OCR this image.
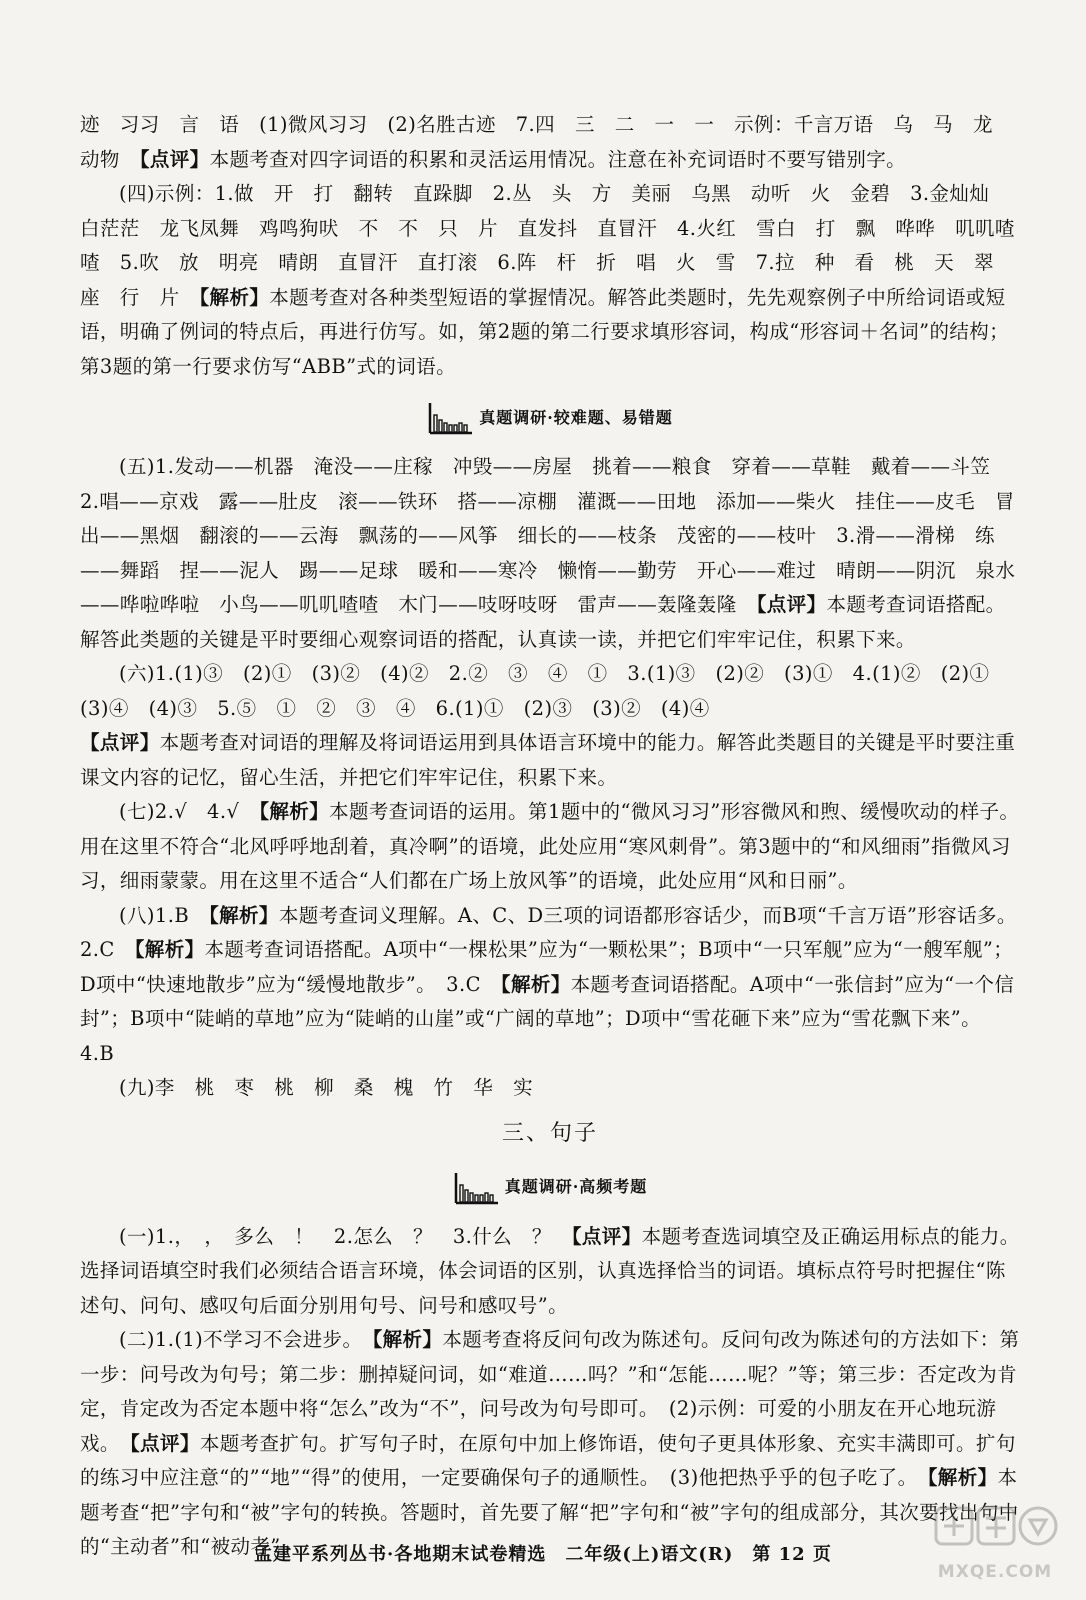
迹　习习　言　语　(1)微风习习　(2)名胜古迹　7.四　三　二　一　一　示例：千言万语　乌　马　龙　动物　【点评】本题考查对四字词语的积累和灵活运用情况。注意在补充词语时不要写错别字。

(四)示例：1.做　开　打　翻转　直跺脚　2.丛　头　方　美丽　乌黑　动听　火　金碧　3.金灿灿　白茫茫　龙飞凤舞　鸡鸣狗吠　不　不　只　片　直发抖　直冒汗　4.火红　雪白　打　飘　哗哗　叽叽喳喳　5.吹　放　明亮　晴朗　直冒汗　直打滚　6.阵　杆　折　唱　火　雪　7.拉　种　看　桃　天　翠　座　行　片　【解析】本题考查对各种类型短语的掌握情况。解答此类题时，先先观察例子中所给词语或短语，明确了例词的特点后，再进行仿写。如，第2题的第二行要求填形容词，构成“形容词＋名词”的结构；第3题的第一行要求仿写“ABB”式的词语。

真题调研·较难题、易错题

(五)1.发动——机器　淹没——庄稼　冲毁——房屋　挑着——粮食　穿着——草鞋　戴着——斗笠　2.唱——京戏　露——肚皮　滚——铁环　搭——凉棚　灌溉——田地　添加——柴火　挂住——皮毛　冒出——黑烟　翻滚的——云海　飘荡的——风筝　细长的——枝条　茂密的——枝叶　3.滑——滑梯　练——舞蹈　捏——泥人　踢——足球　暖和——寒冷　懒惰——勤劳　开心——难过　晴朗——阴沉　泉水——哗啦哗啦　小鸟——叽叽喳喳　木门——吱呀吱呀　雷声——轰隆轰隆　【点评】本题考查词语搭配。解答此类题的关键是平时要细心观察词语的搭配，认真读一读，并把它们牢牢记住，积累下来。

(六)1.(1)③　(2)①　(3)②　(4)②　2.②　③　④　①　3.(1)③　(2)②　(3)①　4.(1)②　(2)①　(3)④　(4)③　5.⑤　①　②　③　④　6.(1)①　(2)③　(3)②　(4)④
【点评】本题考查对词语的理解及将词语运用到具体语言环境中的能力。解答此类题目的关键是平时要注重课文内容的记忆，留心生活，并把它们牢牢记住，积累下来。

(七)2.√　4.√　【解析】本题考查词语的运用。第1题中的“微风习习”形容微风和煦、缓慢吹动的样子。用在这里不符合“北风呼呼地刮着，真冷啊”的语境，此处应用“寒风刺骨”。第3题中的“和风细雨”指微风习习，细雨蒙蒙。用在这里不适合“人们都在广场上放风筝”的语境，此处应用“风和日丽”。

(八)1.B　【解析】本题考查词义理解。A、C、D三项的词语都形容话少，而B项“千言万语”形容话多。　2.C　【解析】本题考查词语搭配。A项中“一棵松果”应为“一颗松果”；B项中“一只军舰”应为“一艘军舰”；D项中“快速地散步”应为“缓慢地散步”。　3.C　【解析】本题考查词语搭配。A项中“一张信封”应为“一个信封”；B项中“陡峭的草地”应为“陡峭的山崖”或“广阔的草地”；D项中“雪花砸下来”应为“雪花飘下来”。　4.B

(九)李　桃　枣　桃　柳　桑　槐　竹　华　实

三、句子
真题调研·高频考题

(一)1.，　，　多么　！　2.怎么　？　3.什么　？　【点评】本题考查选词填空及正确运用标点的能力。选择词语填空时我们必须结合语言环境，体会词语的区别，认真选择恰当的词语。填标点符号时把握住“陈述句、问句、感叹句后面分别用句号、问号和感叹号”。

(二)1.(1)不学习不会进步。　【解析】本题考查将反问句改为陈述句。反问句改为陈述句的方法如下：第一步：问号改为句号；第二步：删掉疑问词，如“难道……吗？”和“怎能……呢？”等；第三步：否定改为肯定，肯定改为否定本题中将“怎么”改为“不”，问号改为句号即可。　(2)示例：可爱的小朋友在开心地玩游戏。　【点评】本题考查扩句。扩写句子时，在原句中加上修饰语，使句子更具体形象、充实丰满即可。扩句的练习中应注意“的”“地”“得”的使用，一定要确保句子的通顺性。　(3)他把热乎乎的包子吃了。　【解析】本题考查“把”字句和“被”字句的转换。答题时，首先要了解“把”字句和“被”字句的组成部分，其次要找出句中的“主动者”和“被动者”，

孟建平系列丛书·各地期末试卷精选　二年级(上)语文(R)　第 12 页
MXQE.COM
